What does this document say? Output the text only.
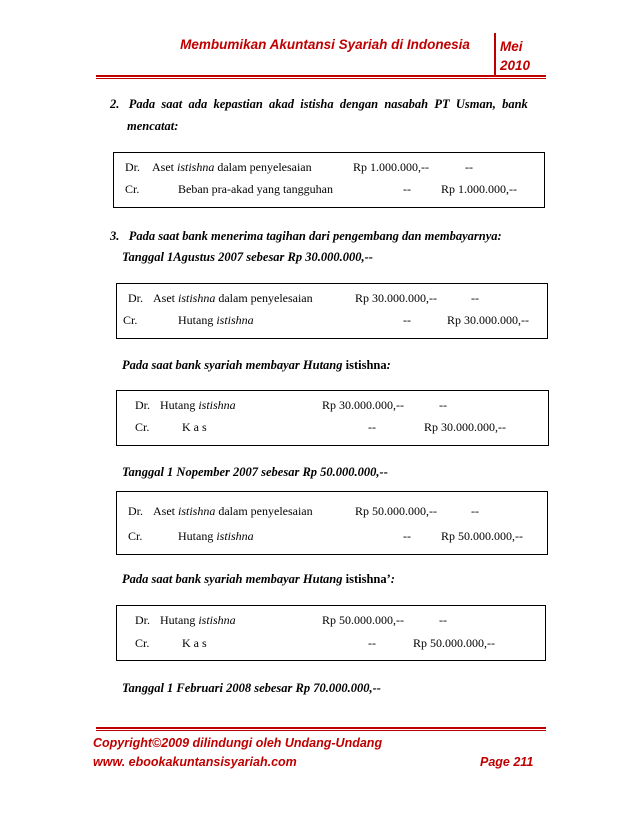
Membumikan Akuntansi Syariah di Indonesia	Mei
2010
2.   Pada  saat  ada  kepastian  akad  istisha  dengan  nasabah  PT  Usman,  bank
mencatat:
Dr. Aset istishna dalam penyelesaian	Rp 1.000.000,--	--
Cr.	Beban pra-akad yang tangguhan	--	Rp 1.000.000,--
3.   Pada saat bank menerima tagihan dari pengembang dan membayarnya:
Tanggal 1Agustus 2007 sebesar Rp 30.000.000,--
Dr. Aset istishna dalam penyelesaian	Rp 30.000.000,--	--
Cr.	Hutang istishna	--	Rp 30.000.000,--
Pada saat bank syariah membayar Hutang istishna:
Dr. Hutang istishna	Rp 30.000.000,--	--
Cr.	K a s	--	Rp 30.000.000,--
Tanggal 1 Nopember 2007 sebesar Rp 50.000.000,--
Dr. Aset istishna dalam penyelesaian	Rp 50.000.000,--	--
Cr.	Hutang istishna	--	Rp 50.000.000,--
Pada saat bank syariah membayar Hutang istishna’:
Dr. Hutang istishna	Rp 50.000.000,--	--
Cr.	K a s	--	Rp 50.000.000,--
Tanggal 1 Februari 2008 sebesar Rp 70.000.000,--
Copyright©2009 dilindungi oleh Undang-Undang
www. ebookakuntansisyariah.com	Page 211
